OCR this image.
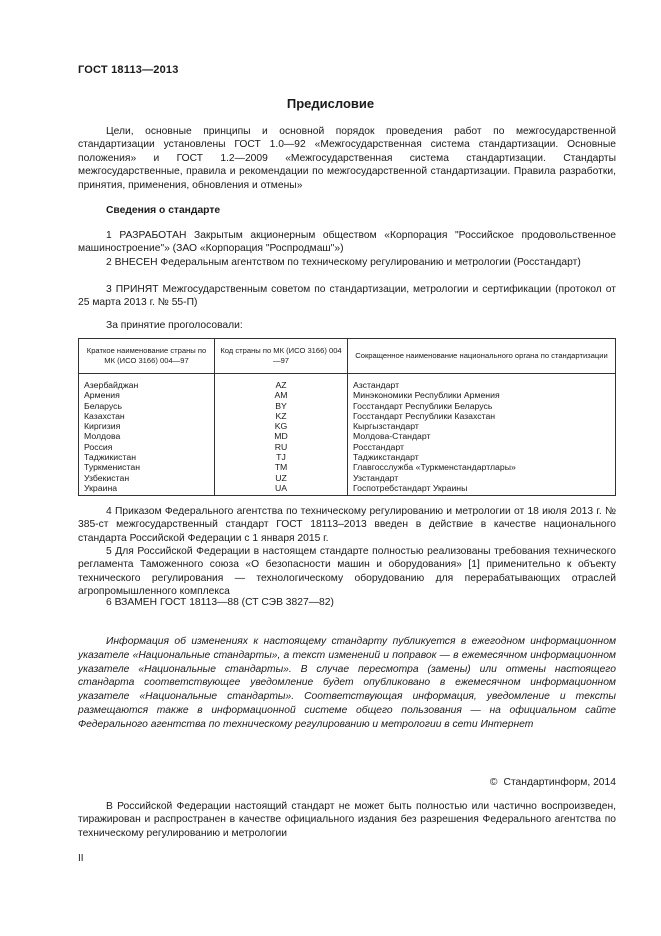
ГОСТ 18113—2013
Предисловие
Цели, основные принципы и основной порядок проведения работ по межгосударственной стандартизации установлены ГОСТ 1.0—92 «Межгосударственная система стандартизации. Основные положения» и ГОСТ 1.2—2009 «Межгосударственная система стандартизации. Стандарты межгосударственные, правила и рекомендации по межгосударственной стандартизации. Правила разработки, принятия, применения, обновления и отмены»
Сведения о стандарте
1 РАЗРАБОТАН Закрытым акционерным обществом «Корпорация "Российское продовольственное машиностроение"» (ЗАО «Корпорация "Роспродмаш"»)
2 ВНЕСЕН Федеральным агентством по техническому регулированию и метрологии (Росстандарт)
3 ПРИНЯТ Межгосударственным советом по стандартизации, метрологии и сертификации (протокол от 25 марта 2013 г. № 55-П)
За принятие проголосовали:
Краткое наименование страны по МК (ИСО 3166) 004—97	Код страны по МК (ИСО 3166) 004—97	Сокращенное наименование национального органа по стандартизации
Азербайджан	AZ	Азстандарт
Армения	AM	Минэкономики Республики Армения
Беларусь	BY	Госстандарт Республики Беларусь
Казахстан	KZ	Госстандарт Республики Казахстан
Киргизия	KG	Кыргызстандарт
Молдова	MD	Молдова-Стандарт
Россия	RU	Росстандарт
Таджикистан	TJ	Таджикстандарт
Туркменистан	TM	Главгосслужба «Туркменстандартлары»
Узбекистан	UZ	Узстандарт
Украина	UA	Госпотребстандарт Украины
4 Приказом Федерального агентства по техническому регулированию и метрологии от 18 июля 2013 г. № 385-ст межгосударственный стандарт ГОСТ 18113–2013 введен в действие в качестве национального стандарта Российской Федерации с 1 января 2015 г.
5 Для Российской Федерации в настоящем стандарте полностью реализованы требования технического регламента Таможенного союза «О безопасности машин и оборудования» [1] применительно к объекту технического регулирования — технологическому оборудованию для перерабатывающих отраслей агропромышленного комплекса
6 ВЗАМЕН ГОСТ 18113—88 (СТ СЭВ 3827—82)
Информация об изменениях к настоящему стандарту публикуется в ежегодном информационном указателе «Национальные стандарты», а текст изменений и поправок — в ежемесячном информационном указателе «Национальные стандарты». В случае пересмотра (замены) или отмены настоящего стандарта соответствующее уведомление будет опубликовано в ежемесячном информационном указателе «Национальные стандарты». Соответствующая информация, уведомление и тексты размещаются также в информационной системе общего пользования — на официальном сайте Федерального агентства по техническому регулированию и метрологии в сети Интернет
© Стандартинформ, 2014
В Российской Федерации настоящий стандарт не может быть полностью или частично воспроизведен, тиражирован и распространен в качестве официального издания без разрешения Федерального агентства по техническому регулированию и метрологии
II
